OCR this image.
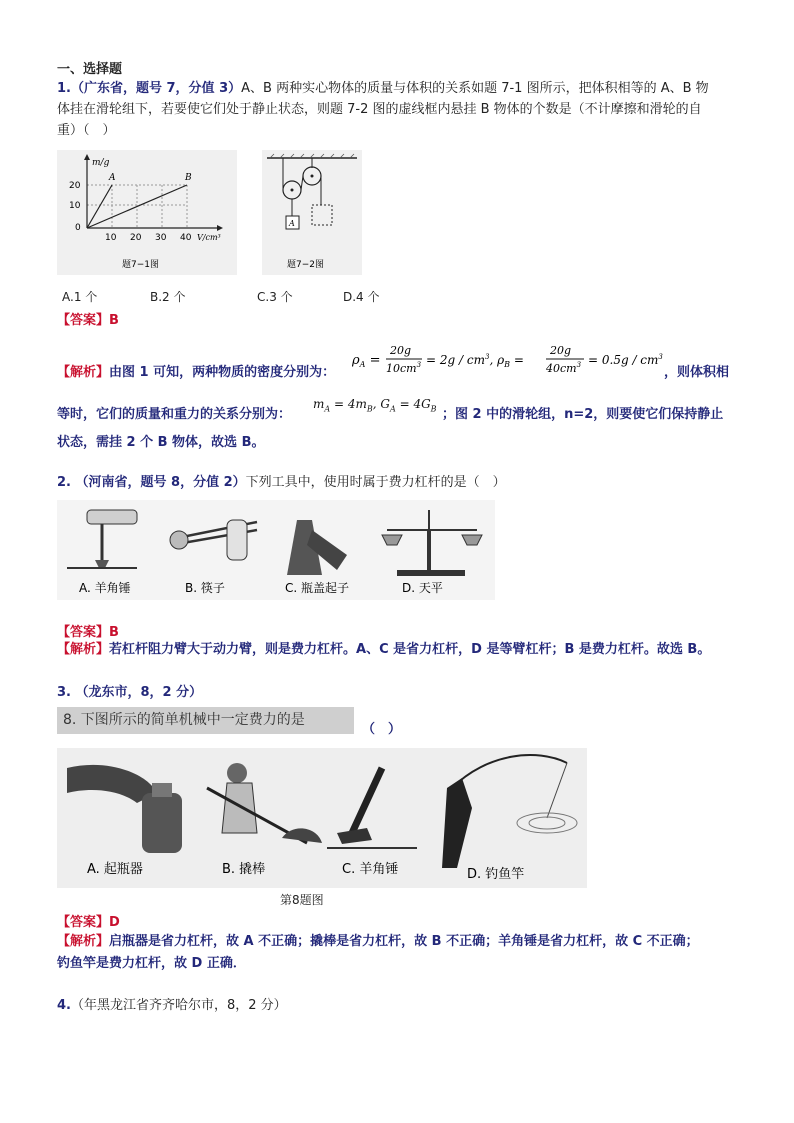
一、选择题
1.（广东省，题号 7，分值 3）A、B 两种实心物体的质量与体积的关系如题 7-1 图所示，把体积相等的 A、B 物
体挂在滑轮组下，若要使它们处于静止状态，则题 7-2 图的虚线框内悬挂 B 物体的个数是（不计摩擦和滑轮的自
重）（　）
m/g
A	B
20
10
0
10 20 30 40 V/cm³
题7−1图
A
题7−2图
A.1 个	B.2 个	C.3 个	D.4 个
【答案】B
【解析】由图 1 可知，两种物质的密度分别为：
$\rho_A$ =
20g
$10cm^3 = 2g / cm^3$, $\rho_B$ =
20g
$40cm^3 = 0.5g / cm^3$
，则体积相
等时，它们的质量和重力的关系分别为：
$m_A = 4m_B$, $G_A = 4G_B$ ；图 2 中的滑轮组，n=2，则要使它们保持静止
状态，需挂 2 个 B 物体，故选 B。
2. （河南省，题号 8，分值 2）下列工具中，使用时属于费力杠杆的是（　）
A. 羊角锤	B. 筷子	C. 瓶盖起子	D. 天平
【答案】B
【解析】若杠杆阻力臂大于动力臂，则是费力杠杆。A、C 是省力杠杆，D 是等臂杠杆；B 是费力杠杆。故选 B。
3. （龙东市，8，2 分）
8. 下图所示的简单机械中一定费力的是
（　）
A. 起瓶器	B. 撬棒	C. 羊角锤	D. 钓鱼竿
第8题图
【答案】D
【解析】启瓶器是省力杠杆，故 A 不正确；撬棒是省力杠杆，故 B 不正确；羊角锤是省力杠杆，故 C 不正确；
钓鱼竿是费力杠杆，故 D 正确．
4.（年黑龙江省齐齐哈尔市，8，2 分）
